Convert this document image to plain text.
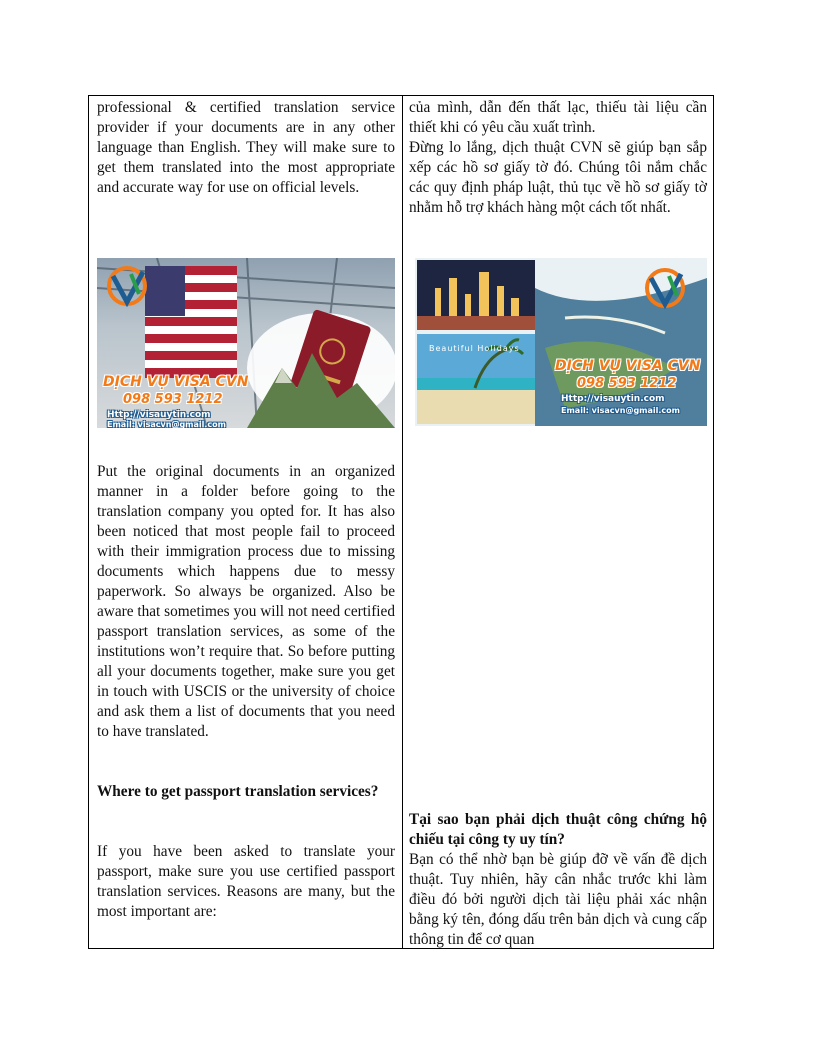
professional & certified translation service provider if your documents are in any other language than English. They will make sure to get them translated into the most appropriate and accurate way for use on official levels.

DỊCH VỤ VISA CVN
098 593 1212
Http://visauytin.com
Email: visacvn@gmail.com

Put the original documents in an organized manner in a folder before going to the translation company you opted for. It has also been noticed that most people fail to proceed with their immigration process due to missing documents which happens due to messy paperwork. So always be organized. Also be aware that sometimes you will not need certified passport translation services, as some of the institutions won’t require that. So before putting all your documents together, make sure you get in touch with USCIS or the university of choice and ask them a list of documents that you need to have translated.

Where to get passport translation services?

If you have been asked to translate your passport, make sure you use certified passport translation services. Reasons are many, but the most important are:

của mình, dẫn đến thất lạc, thiếu tài liệu cần thiết khi có yêu cầu xuất trình.

Đừng lo lắng, dịch thuật CVN sẽ giúp bạn sắp xếp các hồ sơ giấy tờ đó. Chúng tôi nắm chắc các quy định pháp luật, thủ tục về hồ sơ giấy tờ nhằm hỗ trợ khách hàng một cách tốt nhất.

Beautiful Holidays
DỊCH VỤ VISA CVN
098 593 1212
Http://visauytin.com
Email: visacvn@gmail.com

Tại sao bạn phải dịch thuật công chứng hộ chiếu tại công ty uy tín?

Bạn có thể nhờ bạn bè giúp đỡ về vấn đề dịch thuật. Tuy nhiên, hãy cân nhắc trước khi làm điều đó bởi người dịch tài liệu phải xác nhận bằng ký tên, đóng dấu trên bản dịch và cung cấp thông tin để cơ quan
